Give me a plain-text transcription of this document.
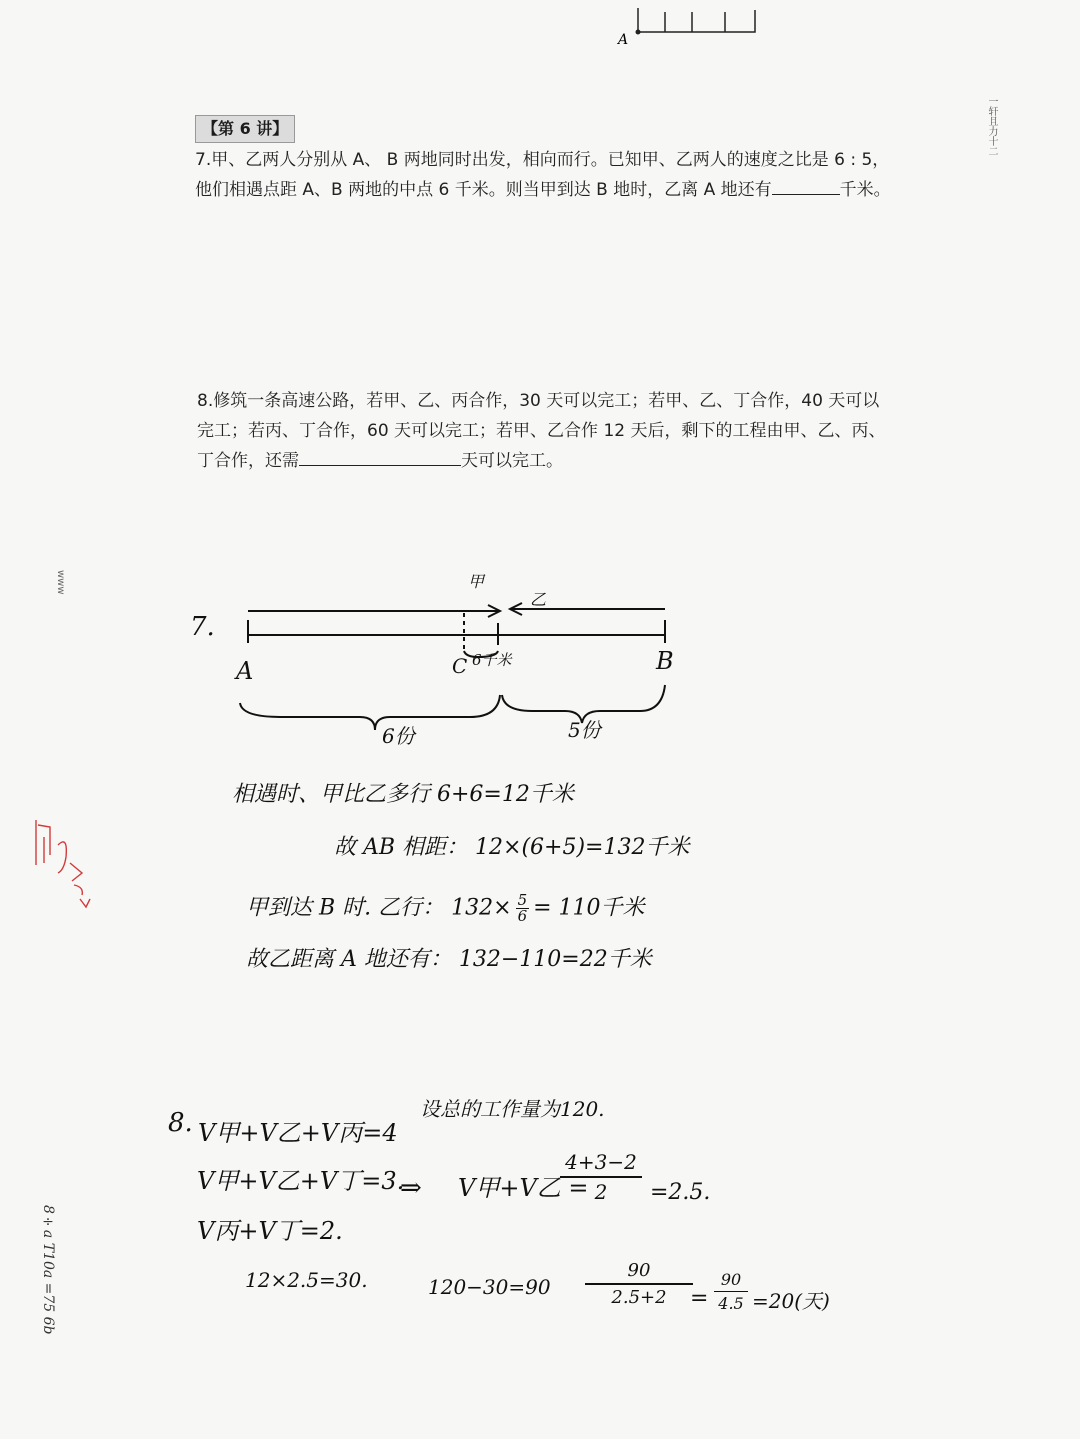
A
一轩且力十二
【第 6 讲】
7.甲、乙两人分别从 A、 B 两地同时出发，相向而行。已知甲、乙两人的速度之比是 6 : 5，
他们相遇点距 A、B 两地的中点 6 千米。则当甲到达 B 地时，乙离 A 地还有	千米。
8.修筑一条高速公路，若甲、乙、丙合作，30 天可以完工；若甲、乙、丁合作，40 天可以
完工；若丙、丁合作，60 天可以完工；若甲、乙合作 12 天后，剩下的工程由甲、乙、丙、
丁合作，还需	天可以完工。
7.
甲
乙
A	C 6千米	B
6份	5份
相遇时、甲比乙多行 6+6=12千米
故 AB 相距： 12×(6+5)=132千米
甲到达 B 时. 乙行： $132\times \frac{5}{6} = 110$千米
故乙距离 A 地还有： 132−110=22千米
8. V甲+V乙+V丙=4
设总的工作量为120.
V甲+V乙+V丁=3.
V丙+V丁=2.
⇒ V甲+V乙 =
4+3−2
2	=2.5.
12×2.5=30.	120−30=90
90
2.5+2	=
90
4.5 =20(天)
www
8÷a T10a =75 6b
